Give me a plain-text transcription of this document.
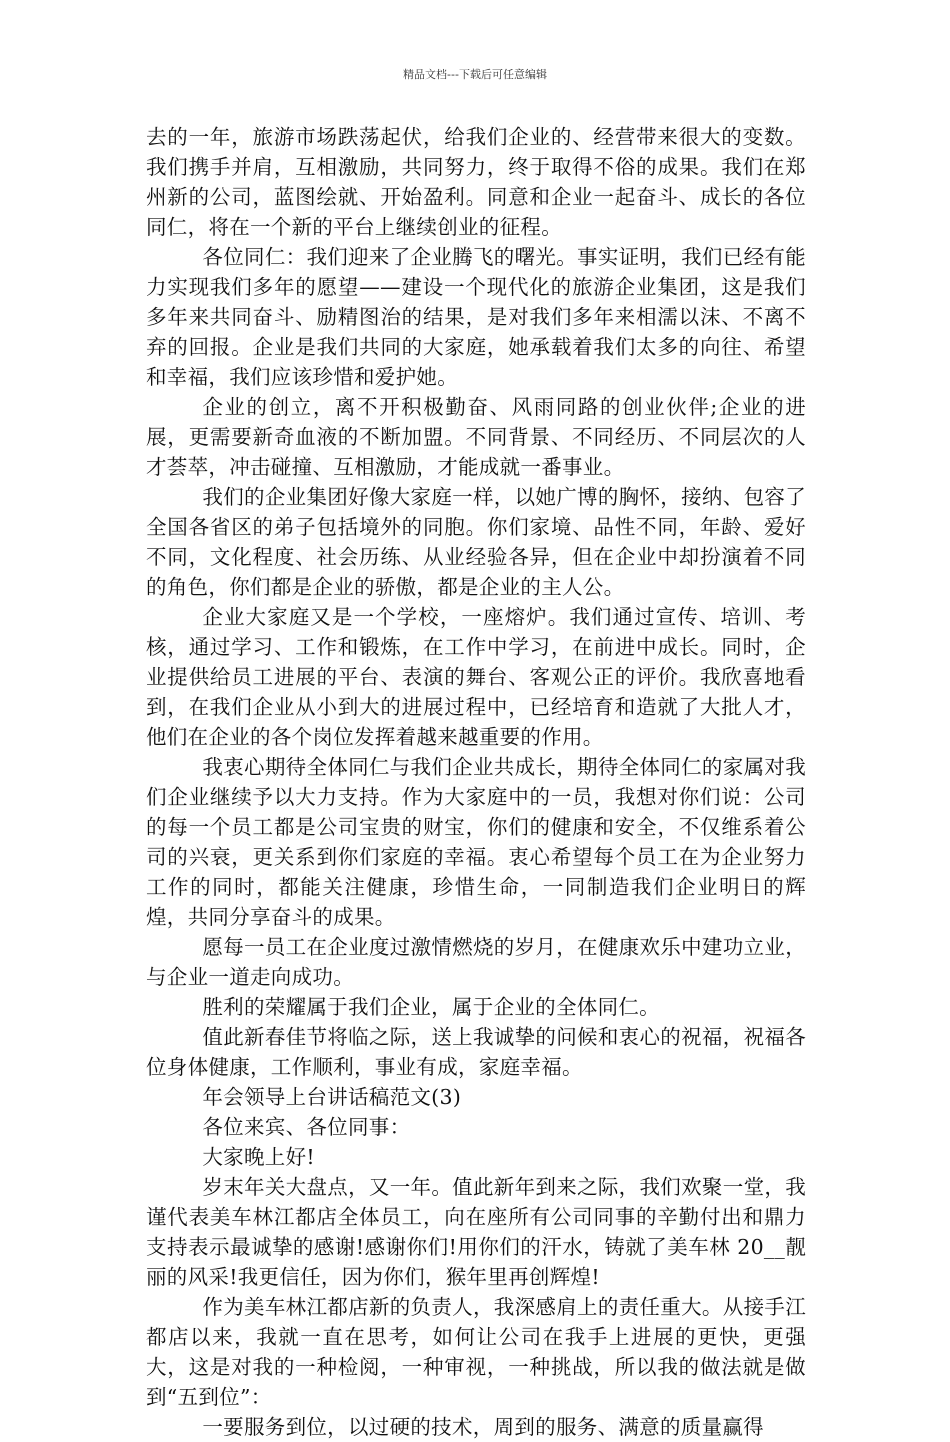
精品文档---下载后可任意编辑

去的一年，旅游市场跌荡起伏，给我们企业的、经营带来很大的变数。我们携手并肩，互相激励，共同努力，终于取得不俗的成果。我们在郑州新的公司，蓝图绘就、开始盈利。同意和企业一起奋斗、成长的各位同仁，将在一个新的平台上继续创业的征程。

各位同仁：我们迎来了企业腾飞的曙光。事实证明，我们已经有能力实现我们多年的愿望——建设一个现代化的旅游企业集团，这是我们多年来共同奋斗、励精图治的结果，是对我们多年来相濡以沫、不离不弃的回报。企业是我们共同的大家庭，她承载着我们太多的向往、希望和幸福，我们应该珍惜和爱护她。

企业的创立，离不开积极勤奋、风雨同路的创业伙伴;企业的进展，更需要新奇血液的不断加盟。不同背景、不同经历、不同层次的人才荟萃，冲击碰撞、互相激励，才能成就一番事业。

我们的企业集团好像大家庭一样，以她广博的胸怀，接纳、包容了全国各省区的弟子包括境外的同胞。你们家境、品性不同，年龄、爱好不同，文化程度、社会历练、从业经验各异，但在企业中却扮演着不同的角色，你们都是企业的骄傲，都是企业的主人公。

企业大家庭又是一个学校，一座熔炉。我们通过宣传、培训、考核，通过学习、工作和锻炼，在工作中学习，在前进中成长。同时，企业提供给员工进展的平台、表演的舞台、客观公正的评价。我欣喜地看到，在我们企业从小到大的进展过程中，已经培育和造就了大批人才，他们在企业的各个岗位发挥着越来越重要的作用。

我衷心期待全体同仁与我们企业共成长，期待全体同仁的家属对我们企业继续予以大力支持。作为大家庭中的一员，我想对你们说：公司的每一个员工都是公司宝贵的财宝，你们的健康和安全，不仅维系着公司的兴衰，更关系到你们家庭的幸福。衷心希望每个员工在为企业努力工作的同时，都能关注健康，珍惜生命，一同制造我们企业明日的辉煌，共同分享奋斗的成果。

愿每一员工在企业度过激情燃烧的岁月，在健康欢乐中建功立业，与企业一道走向成功。

胜利的荣耀属于我们企业，属于企业的全体同仁。

值此新春佳节将临之际，送上我诚挚的问候和衷心的祝福，祝福各位身体健康，工作顺利，事业有成，家庭幸福。

年会领导上台讲话稿范文(3)

各位来宾、各位同事：

大家晚上好!

岁末年关大盘点，又一年。值此新年到来之际，我们欢聚一堂，我谨代表美车林江都店全体员工，向在座所有公司同事的辛勤付出和鼎力支持表示最诚挚的感谢!感谢你们!用你们的汗水，铸就了美车林 20__靓丽的风采!我更信任，因为你们，猴年里再创辉煌!

作为美车林江都店新的负责人，我深感肩上的责任重大。从接手江都店以来，我就一直在思考，如何让公司在我手上进展的更快，更强大，这是对我的一种检阅，一种审视，一种挑战，所以我的做法就是做到“五到位”：

一要服务到位，以过硬的技术，周到的服务、满意的质量赢得
